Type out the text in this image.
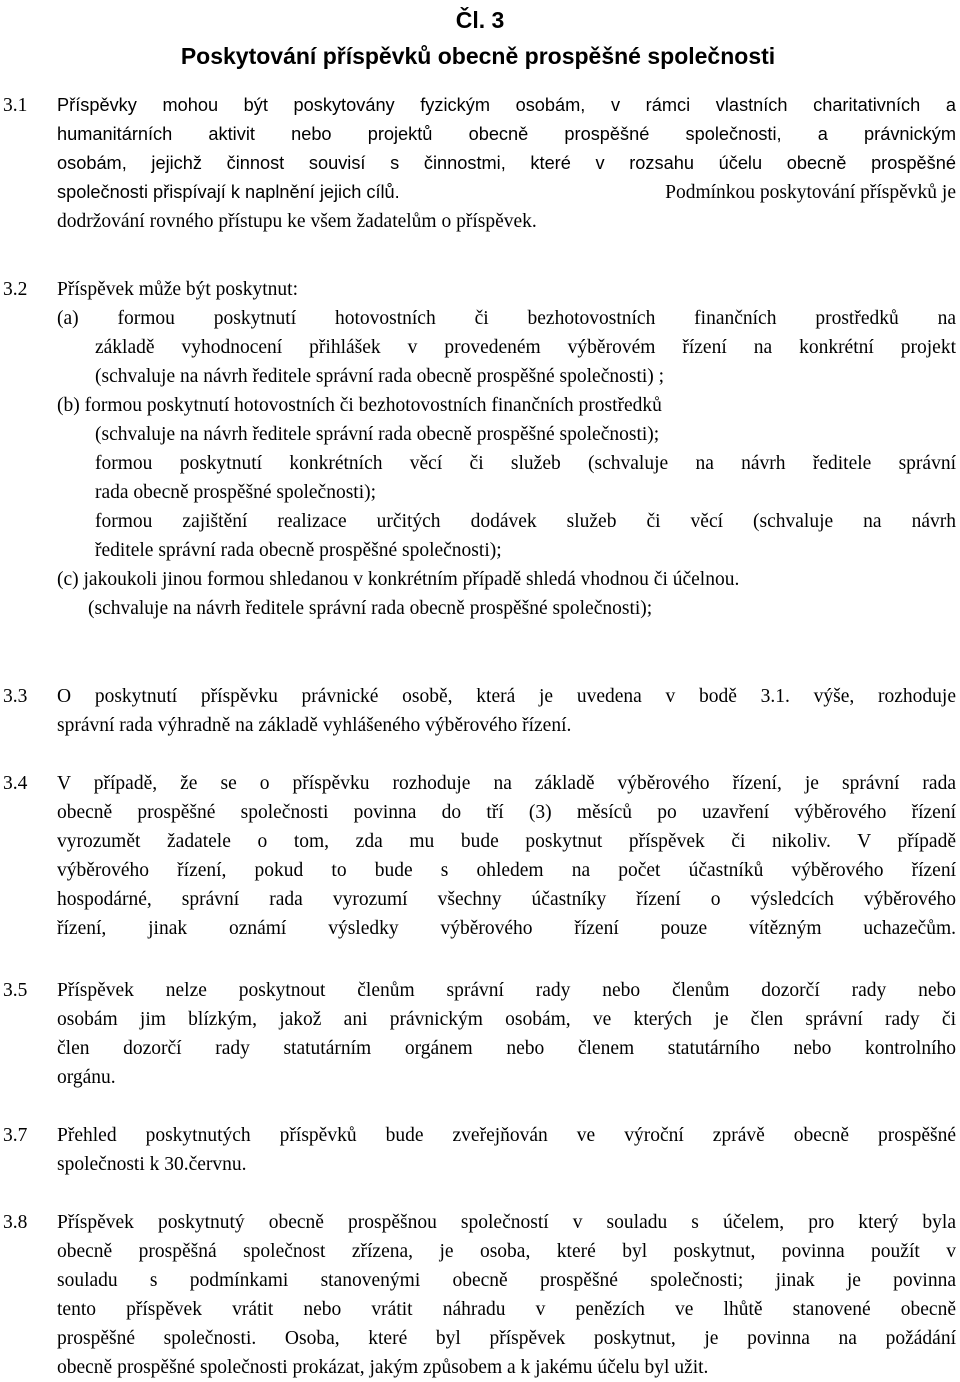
Čl. 3
Poskytování příspěvků obecně prospěšné společnosti
3.1 Příspěvky mohou být poskytovány fyzickým osobám, v rámci vlastních charitativních a
humanitárních aktivit nebo projektů obecně prospěšné společnosti, a právnickým
osobám, jejichž činnost souvisí s činnostmi, které v rozsahu účelu obecně prospěšné
společnosti přispívají k naplnění jejich cílů.	Podmínkou poskytování příspěvků je
dodržování rovného přístupu ke všem žadatelům o příspěvek.
3.2 Příspěvek může být poskytnut:
(a) formou poskytnutí hotovostních či bezhotovostních finančních prostředků na
základě vyhodnocení přihlášek v provedeném výběrovém řízení na konkrétní projekt
(schvaluje na návrh ředitele správní rada obecně prospěšné společnosti) ;
(b) formou poskytnutí hotovostních či bezhotovostních finančních prostředků
(schvaluje na návrh ředitele správní rada obecně prospěšné společnosti);
formou poskytnutí konkrétních věcí či služeb (schvaluje na návrh ředitele správní
rada obecně prospěšné společnosti);
formou zajištění realizace určitých dodávek služeb či věcí (schvaluje na návrh
ředitele správní rada obecně prospěšné společnosti);
(c) jakoukoli jinou formou shledanou v konkrétním případě shledá vhodnou či účelnou.
(schvaluje na návrh ředitele správní rada obecně prospěšné společnosti);
3.3 O poskytnutí příspěvku právnické osobě, která je uvedena v bodě 3.1. výše, rozhoduje
správní rada výhradně na základě vyhlášeného výběrového řízení.
3.4 V případě, že se o příspěvku rozhoduje na základě výběrového řízení, je správní rada
obecně prospěšné společnosti povinna do tří (3) měsíců po uzavření výběrového řízení
vyrozumět žadatele o tom, zda mu bude poskytnut příspěvek či nikoliv. V případě
výběrového řízení, pokud to bude s ohledem na počet účastníků výběrového řízení
hospodárné, správní rada vyrozumí všechny účastníky řízení o výsledcích výběrového
řízení, jinak oznámí výsledky výběrového řízení pouze vítězným uchazečům.
3.5 Příspěvek nelze poskytnout členům správní rady nebo členům dozorčí rady nebo
osobám jim blízkým, jakož ani právnickým osobám, ve kterých je člen správní rady či
člen dozorčí rady statutárním orgánem nebo členem statutárního nebo kontrolního
orgánu.
3.7 Přehled poskytnutých příspěvků bude zveřejňován ve výroční zprávě obecně prospěšné
společnosti k 30.červnu.
3.8 Příspěvek poskytnutý obecně prospěšnou společností v souladu s účelem, pro který byla
obecně prospěšná společnost zřízena, je osoba, které byl poskytnut, povinna použít v
souladu s podmínkami stanovenými obecně prospěšné společnosti; jinak je povinna
tento příspěvek vrátit nebo vrátit náhradu v penězích ve lhůtě stanovené obecně
prospěšné společnosti. Osoba, které byl příspěvek poskytnut, je povinna na požádání
obecně prospěšné společnosti prokázat, jakým způsobem a k jakému účelu byl užit.
